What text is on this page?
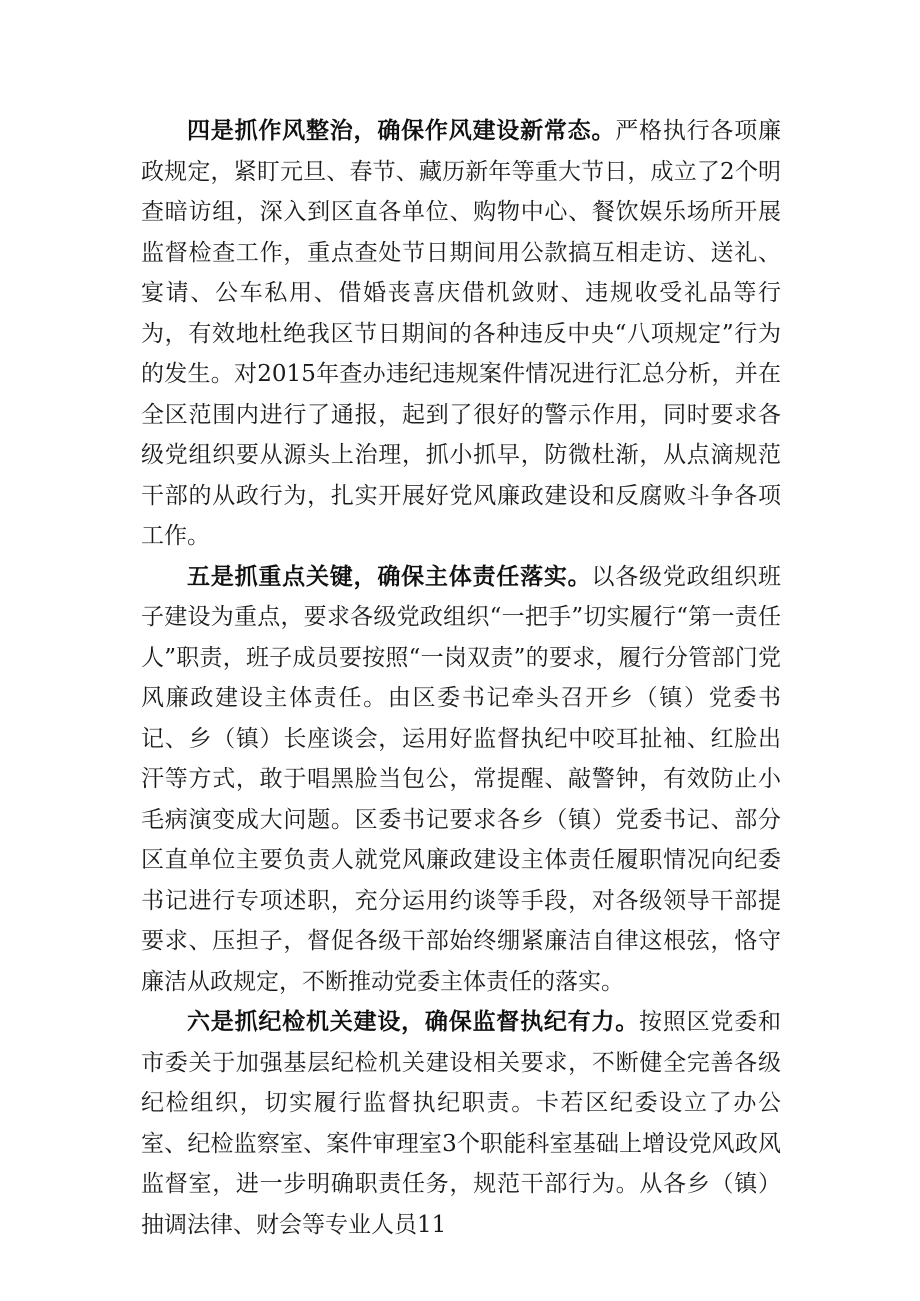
四是抓作风整治，确保作风建设新常态。严格执行各项廉政规定，紧盯元旦、春节、藏历新年等重大节日，成立了2个明查暗访组，深入到区直各单位、购物中心、餐饮娱乐场所开展监督检查工作，重点查处节日期间用公款搞互相走访、送礼、宴请、公车私用、借婚丧喜庆借机敛财、违规收受礼品等行为，有效地杜绝我区节日期间的各种违反中央“八项规定”行为的发生。对2015年查办违纪违规案件情况进行汇总分析，并在全区范围内进行了通报，起到了很好的警示作用，同时要求各级党组织要从源头上治理，抓小抓早，防微杜渐，从点滴规范干部的从政行为，扎实开展好党风廉政建设和反腐败斗争各项工作。

五是抓重点关键，确保主体责任落实。以各级党政组织班子建设为重点，要求各级党政组织“一把手”切实履行“第一责任人”职责，班子成员要按照“一岗双责”的要求，履行分管部门党风廉政建设主体责任。由区委书记牵头召开乡（镇）党委书记、乡（镇）长座谈会，运用好监督执纪中咬耳扯袖、红脸出汗等方式，敢于唱黑脸当包公，常提醒、敲警钟，有效防止小毛病演变成大问题。区委书记要求各乡（镇）党委书记、部分区直单位主要负责人就党风廉政建设主体责任履职情况向纪委书记进行专项述职，充分运用约谈等手段，对各级领导干部提要求、压担子，督促各级干部始终绷紧廉洁自律这根弦，恪守廉洁从政规定，不断推动党委主体责任的落实。

六是抓纪检机关建设，确保监督执纪有力。按照区党委和市委关于加强基层纪检机关建设相关要求，不断健全完善各级纪检组织，切实履行监督执纪职责。卡若区纪委设立了办公室、纪检监察室、案件审理室3个职能科室基础上增设党风政风监督室，进一步明确职责任务，规范干部行为。从各乡（镇）抽调法律、财会等专业人员11
